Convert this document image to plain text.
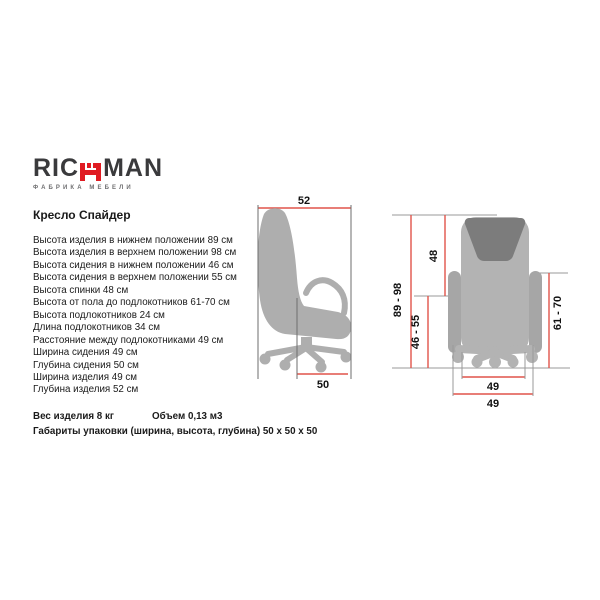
RIC MAN
ФАБРИКА МЕБЕЛИ
Кресло Спайдер
Высота изделия в нижнем положении 89 см
Высота изделия в верхнем положении 98 см
Высота сидения в нижнем положении 46 см
Высота сидения в верхнем положении 55 см
Высота спинки 48 см
Высота от пола до подлокотников 61-70 см
Высота подлокотников 24 см
Длина подлокотников 34 см
Расстояние между подлокотниками 49 см
Ширина сидения 49 см
Глубина сидения 50 см
Ширина изделия 49 см
Глубина изделия 52 см
Вес изделия 8 кг	Объем 0,13 м3
Габариты упаковки (ширина, высота, глубина) 50 x 50 x 50
52
50
89 - 98
48
46 - 55
61 - 70
49
49
